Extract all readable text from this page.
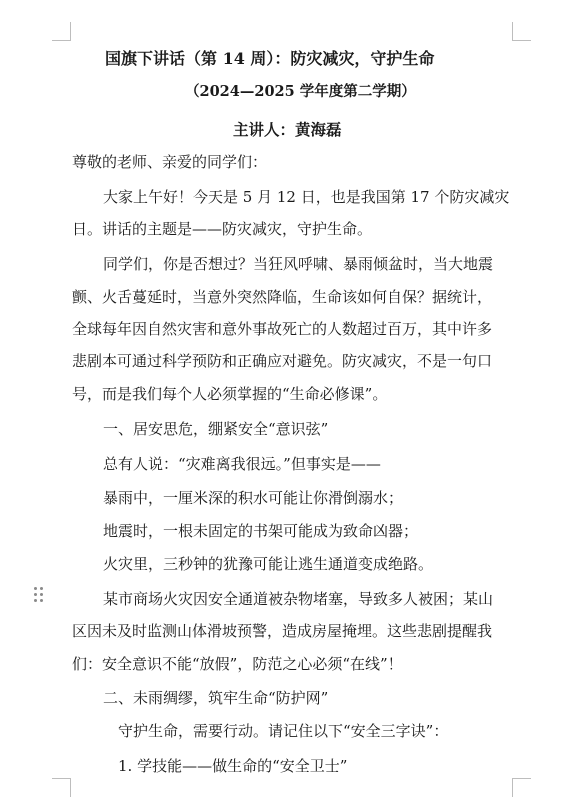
国旗下讲话（第 14 周）：防灾减灾，守护生命
（2024—2025 学年度第二学期）
主讲人：黄海磊
尊敬的老师、亲爱的同学们：
大家上午好！今天是 5 月 12 日，也是我国第 17 个防灾减灾
日。讲话的主题是——防灾减灾，守护生命。
同学们，你是否想过？当狂风呼啸、暴雨倾盆时，当大地震
颤、火舌蔓延时，当意外突然降临，生命该如何自保？据统计，
全球每年因自然灾害和意外事故死亡的人数超过百万，其中许多
悲剧本可通过科学预防和正确应对避免。防灾减灾，不是一句口
号，而是我们每个人必须掌握的“生命必修课”。
一、居安思危，绷紧安全“意识弦”
总有人说：“灾难离我很远。”但事实是——
暴雨中，一厘米深的积水可能让你滑倒溺水；
地震时，一根未固定的书架可能成为致命凶器；
火灾里，三秒钟的犹豫可能让逃生通道变成绝路。
某市商场火灾因安全通道被杂物堵塞，导致多人被困；某山
区因未及时监测山体滑坡预警，造成房屋掩埋。这些悲剧提醒我
们：安全意识不能“放假”，防范之心必须“在线”！
二、未雨绸缪，筑牢生命“防护网”
守护生命，需要行动。请记住以下“安全三字诀”：
1. 学技能——做生命的“安全卫士”
